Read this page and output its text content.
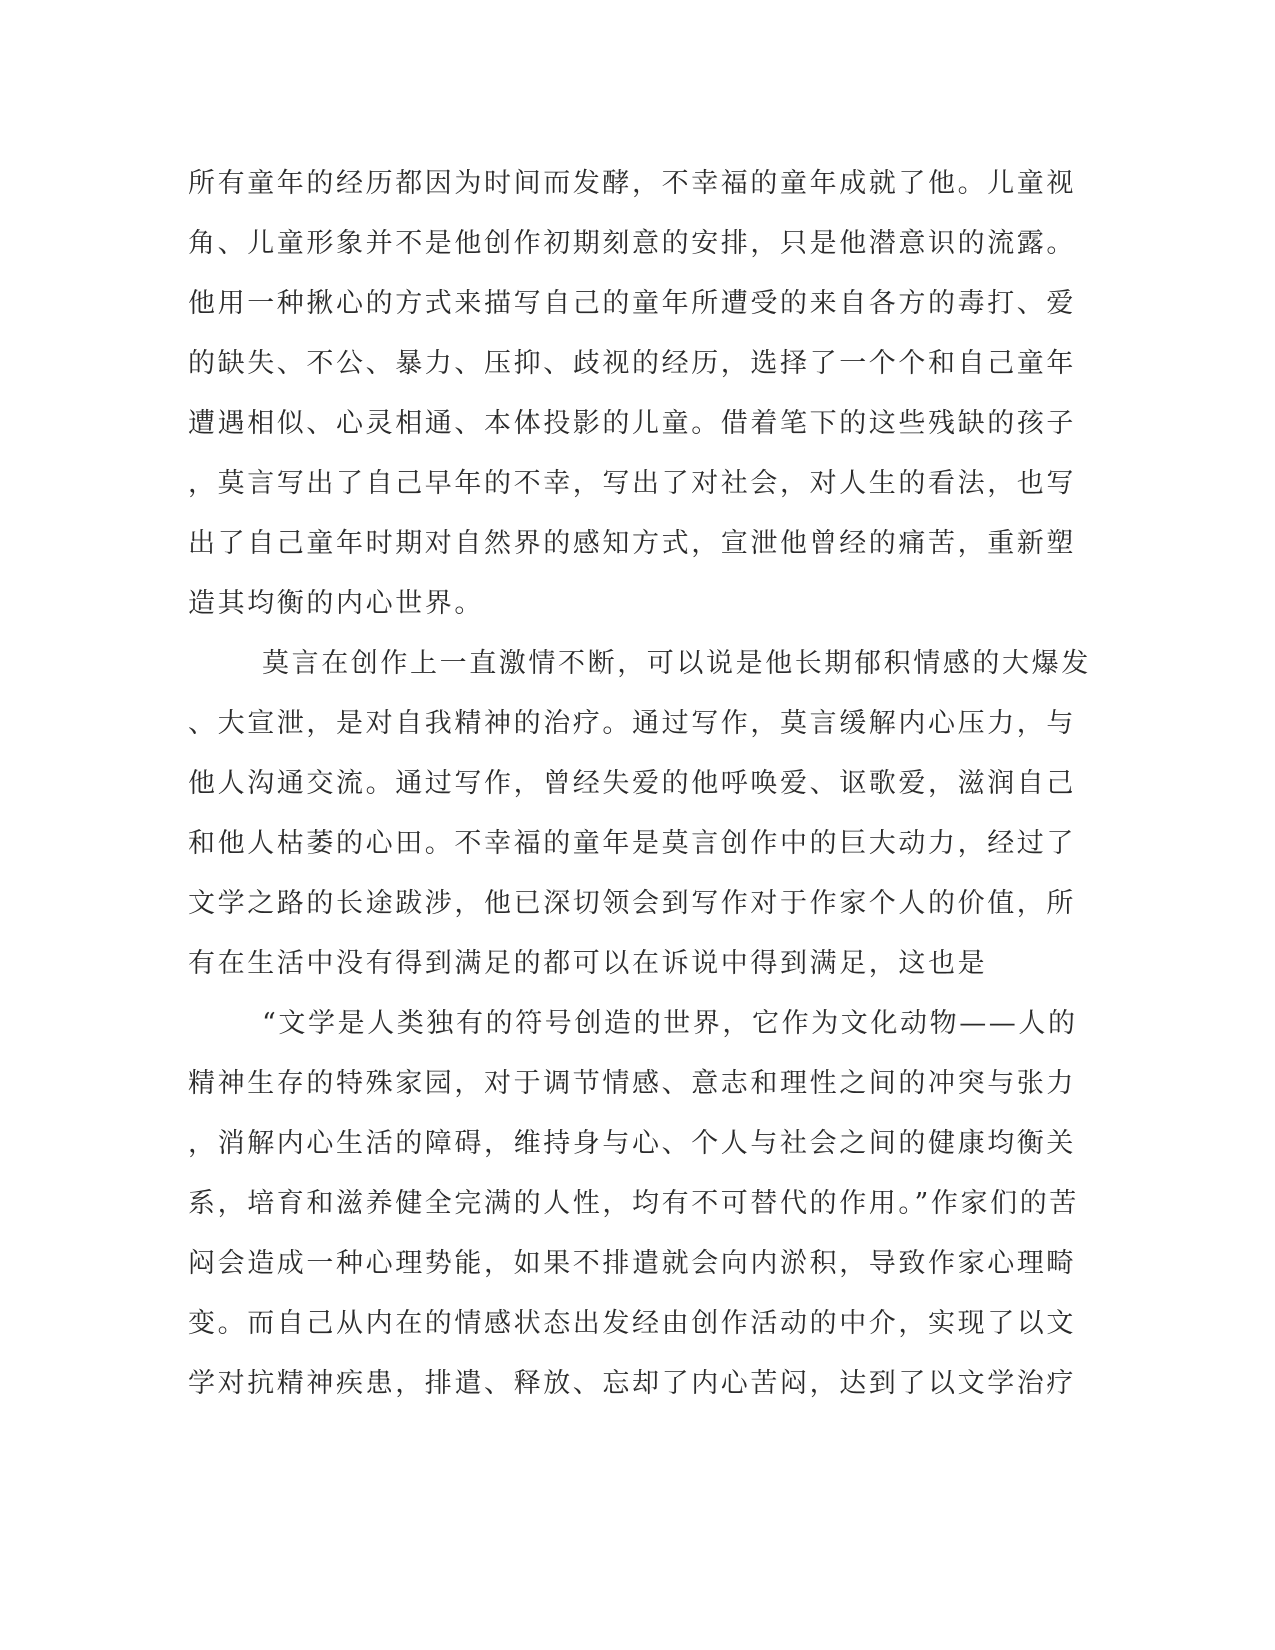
所有童年的经历都因为时间而发酵，不幸福的童年成就了他。儿童视
角、儿童形象并不是他创作初期刻意的安排，只是他潜意识的流露。
他用一种揪心的方式来描写自己的童年所遭受的来自各方的毒打、爱
的缺失、不公、暴力、压抑、歧视的经历，选择了一个个和自己童年
遭遇相似、心灵相通、本体投影的儿童。借着笔下的这些残缺的孩子
，莫言写出了自己早年的不幸，写出了对社会，对人生的看法，也写
出了自己童年时期对自然界的感知方式，宣泄他曾经的痛苦，重新塑
造其均衡的内心世界。
莫言在创作上一直激情不断，可以说是他长期郁积情感的大爆发
、大宣泄，是对自我精神的治疗。通过写作，莫言缓解内心压力，与
他人沟通交流。通过写作，曾经失爱的他呼唤爱、讴歌爱，滋润自己
和他人枯萎的心田。不幸福的童年是莫言创作中的巨大动力，经过了
文学之路的长途跋涉，他已深切领会到写作对于作家个人的价值，所
有在生活中没有得到满足的都可以在诉说中得到满足，这也是
“文学是人类独有的符号创造的世界，它作为文化动物——人的
精神生存的特殊家园，对于调节情感、意志和理性之间的冲突与张力
，消解内心生活的障碍，维持身与心、个人与社会之间的健康均衡关
系，培育和滋养健全完满的人性，均有不可替代的作用。”作家们的苦
闷会造成一种心理势能，如果不排遣就会向内淤积，导致作家心理畸
变。而自己从内在的情感状态出发经由创作活动的中介，实现了以文
学对抗精神疾患，排遣、释放、忘却了内心苦闷，达到了以文学治疗
